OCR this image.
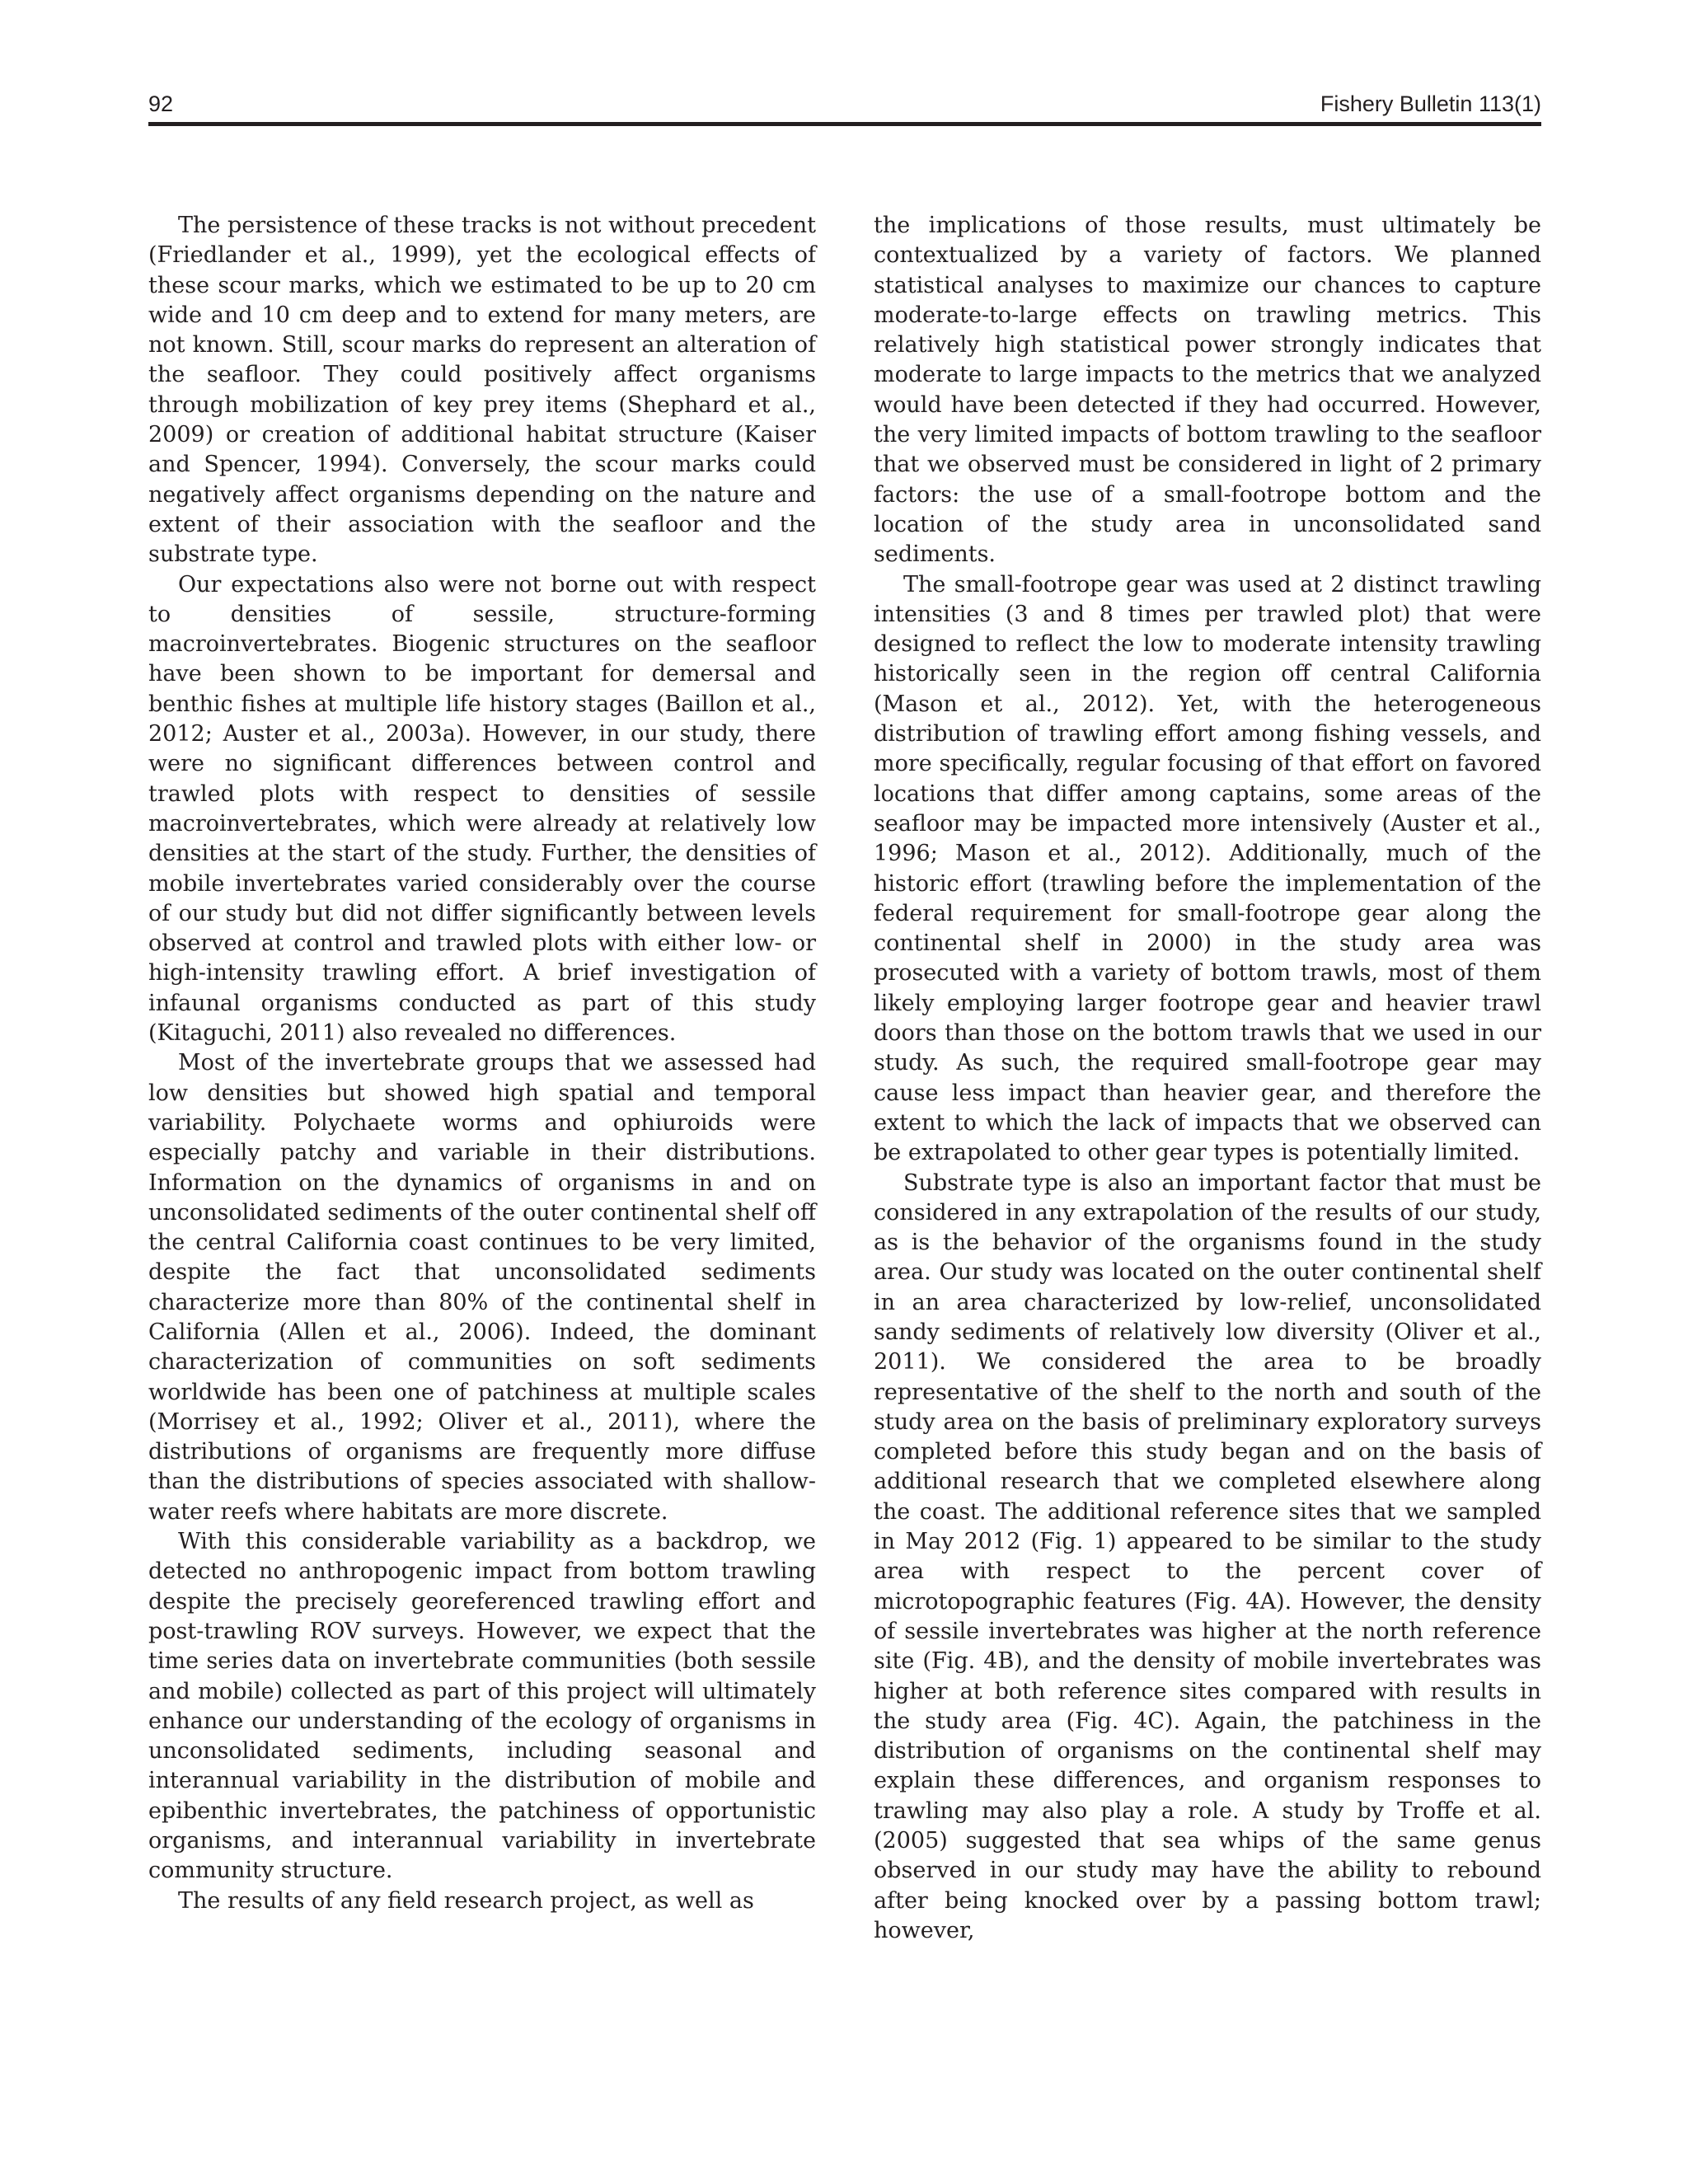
92	Fishery Bulletin 113(1)

The persistence of these tracks is not without precedent (Friedlander et al., 1999), yet the ecological effects of these scour marks, which we estimated to be up to 20 cm wide and 10 cm deep and to extend for many meters, are not known. Still, scour marks do represent an alteration of the seafloor. They could positively affect organisms through mobilization of key prey items (Shephard et al., 2009) or creation of additional habitat structure (Kaiser and Spencer, 1994). Conversely, the scour marks could negatively affect organisms depending on the nature and extent of their association with the seafloor and the substrate type.

Our expectations also were not borne out with respect to densities of sessile, structure-forming macroinvertebrates. Biogenic structures on the seafloor have been shown to be important for demersal and benthic fishes at multiple life history stages (Baillon et al., 2012; Auster et al., 2003a). However, in our study, there were no significant differences between control and trawled plots with respect to densities of sessile macroinvertebrates, which were already at relatively low densities at the start of the study. Further, the densities of mobile invertebrates varied considerably over the course of our study but did not differ significantly between levels observed at control and trawled plots with either low- or high-intensity trawling effort. A brief investigation of infaunal organisms conducted as part of this study (Kitaguchi, 2011) also revealed no differences.

Most of the invertebrate groups that we assessed had low densities but showed high spatial and temporal variability. Polychaete worms and ophiuroids were especially patchy and variable in their distributions. Information on the dynamics of organisms in and on unconsolidated sediments of the outer continental shelf off the central California coast continues to be very limited, despite the fact that unconsolidated sediments characterize more than 80% of the continental shelf in California (Allen et al., 2006). Indeed, the dominant characterization of communities on soft sediments worldwide has been one of patchiness at multiple scales (Morrisey et al., 1992; Oliver et al., 2011), where the distributions of organisms are frequently more diffuse than the distributions of species associated with shallow-water reefs where habitats are more discrete.

With this considerable variability as a backdrop, we detected no anthropogenic impact from bottom trawling despite the precisely georeferenced trawling effort and post-trawling ROV surveys. However, we expect that the time series data on invertebrate communities (both sessile and mobile) collected as part of this project will ultimately enhance our understanding of the ecology of organisms in unconsolidated sediments, including seasonal and interannual variability in the distribution of mobile and epibenthic invertebrates, the patchiness of opportunistic organisms, and interannual variability in invertebrate community structure.

The results of any field research project, as well as

the implications of those results, must ultimately be contextualized by a variety of factors. We planned statistical analyses to maximize our chances to capture moderate-to-large effects on trawling metrics. This relatively high statistical power strongly indicates that moderate to large impacts to the metrics that we analyzed would have been detected if they had occurred. However, the very limited impacts of bottom trawling to the seafloor that we observed must be considered in light of 2 primary factors: the use of a small-footrope bottom and the location of the study area in unconsolidated sand sediments.

The small-footrope gear was used at 2 distinct trawling intensities (3 and 8 times per trawled plot) that were designed to reflect the low to moderate intensity trawling historically seen in the region off central California (Mason et al., 2012). Yet, with the heterogeneous distribution of trawling effort among fishing vessels, and more specifically, regular focusing of that effort on favored locations that differ among captains, some areas of the seafloor may be impacted more intensively (Auster et al., 1996; Mason et al., 2012). Additionally, much of the historic effort (trawling before the implementation of the federal requirement for small-footrope gear along the continental shelf in 2000) in the study area was prosecuted with a variety of bottom trawls, most of them likely employing larger footrope gear and heavier trawl doors than those on the bottom trawls that we used in our study. As such, the required small-footrope gear may cause less impact than heavier gear, and therefore the extent to which the lack of impacts that we observed can be extrapolated to other gear types is potentially limited.

Substrate type is also an important factor that must be considered in any extrapolation of the results of our study, as is the behavior of the organisms found in the study area. Our study was located on the outer continental shelf in an area characterized by low-relief, unconsolidated sandy sediments of relatively low diversity (Oliver et al., 2011). We considered the area to be broadly representative of the shelf to the north and south of the study area on the basis of preliminary exploratory surveys completed before this study began and on the basis of additional research that we completed elsewhere along the coast. The additional reference sites that we sampled in May 2012 (Fig. 1) appeared to be similar to the study area with respect to the percent cover of microtopographic features (Fig. 4A). However, the density of sessile invertebrates was higher at the north reference site (Fig. 4B), and the density of mobile invertebrates was higher at both reference sites compared with results in the study area (Fig. 4C). Again, the patchiness in the distribution of organisms on the continental shelf may explain these differences, and organism responses to trawling may also play a role. A study by Troffe et al. (2005) suggested that sea whips of the same genus observed in our study may have the ability to rebound after being knocked over by a passing bottom trawl; however,
